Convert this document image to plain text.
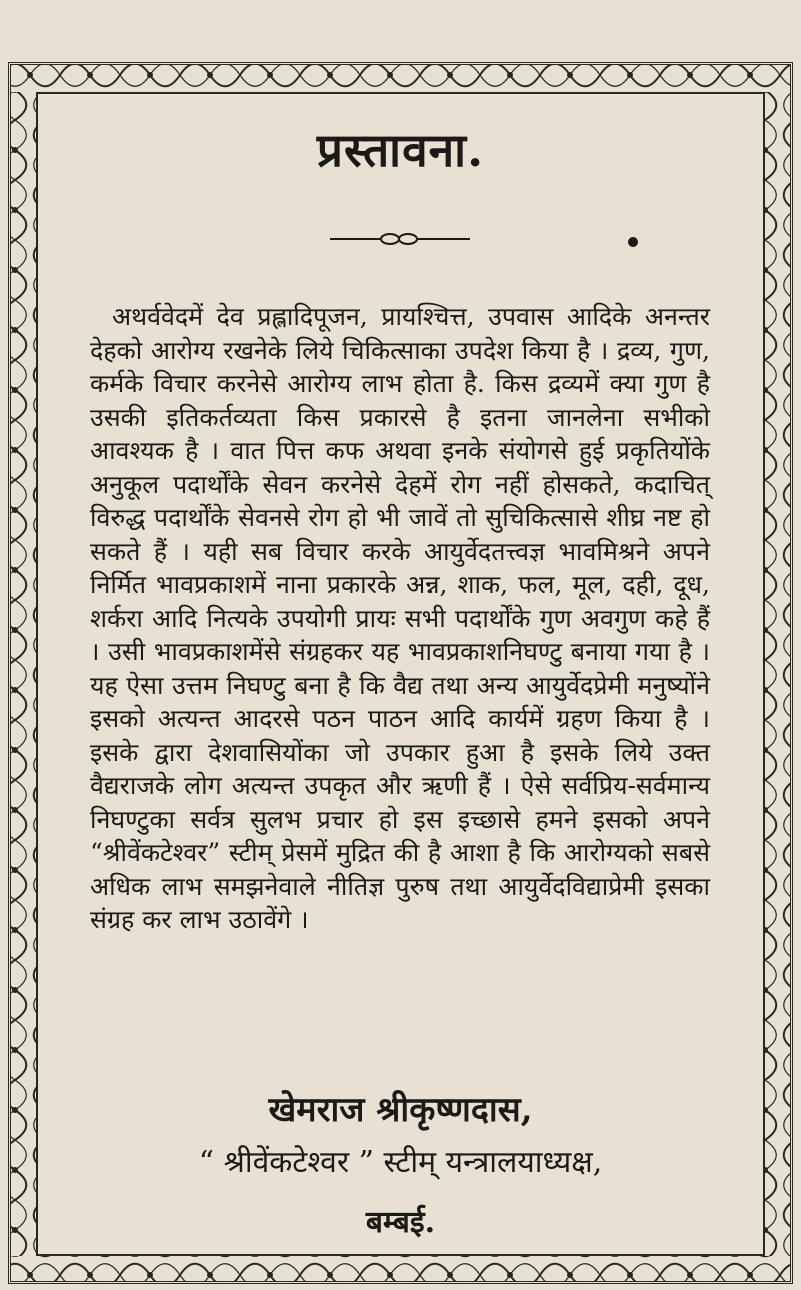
प्रस्तावना.
अथर्ववेदमें देव प्रह्लादिपूजन, प्रायश्चित्त, उपवास आदिके अनन्तर देहको आरोग्य रखनेके लिये चिकित्साका उपदेश किया है । द्रव्य, गुण, कर्मके विचार करनेसे आरोग्य लाभ होता है. किस द्रव्यमें क्या गुण है उसकी इतिकर्तव्यता किस प्रकारसे है इतना जानलेना सभीको आवश्यक है । वात पित्त कफ अथवा इनके संयोगसे हुई प्रकृतियोंके अनुकूल पदार्थोंके सेवन करनेसे देहमें रोग नहीं होसकते, कदाचित् विरुद्ध पदार्थोंके सेवनसे रोग हो भी जावें तो सुचिकित्सासे शीघ्र नष्ट हो सकते हैं । यही सब विचार करके आयुर्वेदतत्त्वज्ञ भावमिश्रने अपने निर्मित भावप्रकाशमें नाना प्रकारके अन्न, शाक, फल, मूल, दही, दूध, शर्करा आदि नित्यके उपयोगी प्रायः सभी पदार्थोंके गुण अवगुण कहे हैं । उसी भावप्रकाशमेंसे संग्रहकर यह भावप्रकाशनिघण्टु बनाया गया है । यह ऐसा उत्तम निघण्टु बना है कि वैद्य तथा अन्य आयुर्वेदप्रेमी मनुष्योंने इसको अत्यन्त आदरसे पठन पाठन आदि कार्यमें ग्रहण किया है । इसके द्वारा देशवासियोंका जो उपकार हुआ है इसके लिये उक्त वैद्यराजके लोग अत्यन्त उपकृत और ऋणी हैं । ऐसे सर्वप्रिय-सर्वमान्य निघण्टुका सर्वत्र सुलभ प्रचार हो इस इच्छासे हमने इसको अपने “श्रीवेंकटेश्वर” स्टीम् प्रेसमें मुद्रित की है आशा है कि आरोग्यको सबसे अधिक लाभ समझनेवाले नीतिज्ञ पुरुष तथा आयुर्वेदविद्याप्रेमी इसका संग्रह कर लाभ उठावेंगे ।
खेमराज श्रीकृष्णदास,
“ श्रीवेंकटेश्वर ” स्टीम् यन्त्रालयाध्यक्ष,
बम्बई.
